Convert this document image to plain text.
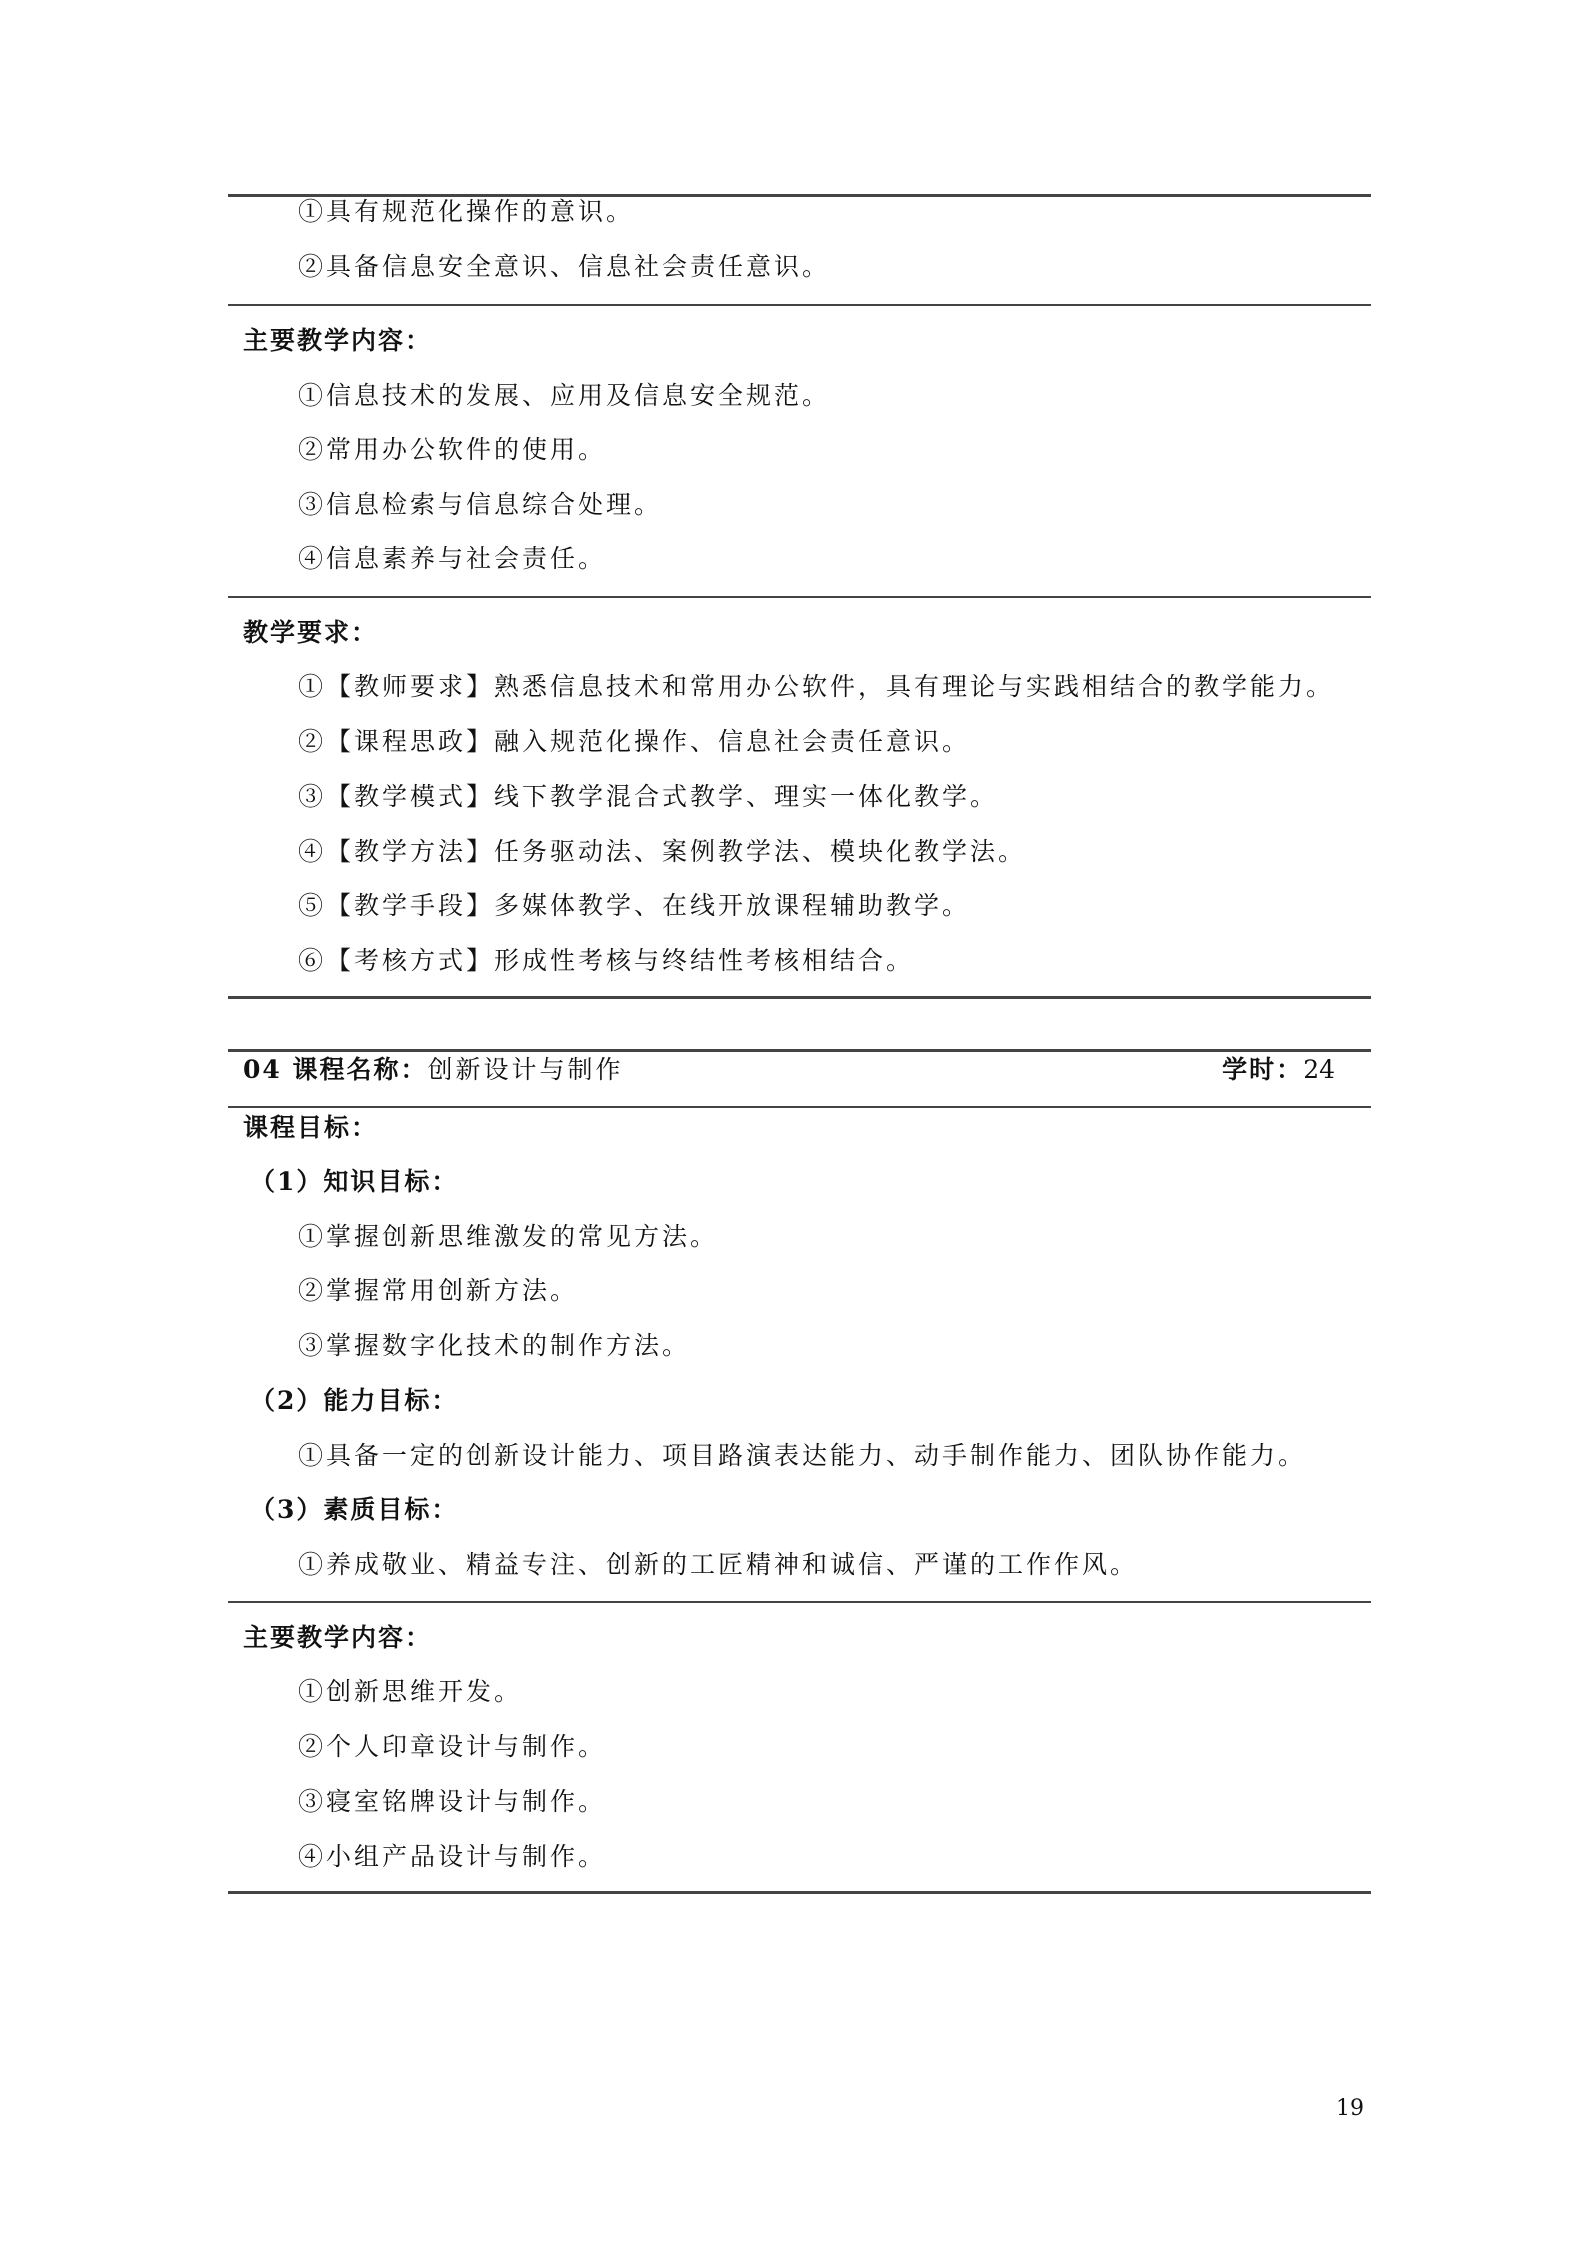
①具有规范化操作的意识。
②具备信息安全意识、信息社会责任意识。
主要教学内容：
①信息技术的发展、应用及信息安全规范。
②常用办公软件的使用。
③信息检索与信息综合处理。
④信息素养与社会责任。
教学要求：
①【教师要求】熟悉信息技术和常用办公软件，具有理论与实践相结合的教学能力。
②【课程思政】融入规范化操作、信息社会责任意识。
③【教学模式】线下教学混合式教学、理实一体化教学。
④【教学方法】任务驱动法、案例教学法、模块化教学法。
⑤【教学手段】多媒体教学、在线开放课程辅助教学。
⑥【考核方式】形成性考核与终结性考核相结合。
04 课程名称：创新设计与制作	学时：24
课程目标：
（1）知识目标：
①掌握创新思维激发的常见方法。
②掌握常用创新方法。
③掌握数字化技术的制作方法。
（2）能力目标：
①具备一定的创新设计能力、项目路演表达能力、动手制作能力、团队协作能力。
（3）素质目标：
①养成敬业、精益专注、创新的工匠精神和诚信、严谨的工作作风。
主要教学内容：
①创新思维开发。
②个人印章设计与制作。
③寝室铭牌设计与制作。
④小组产品设计与制作。
19
